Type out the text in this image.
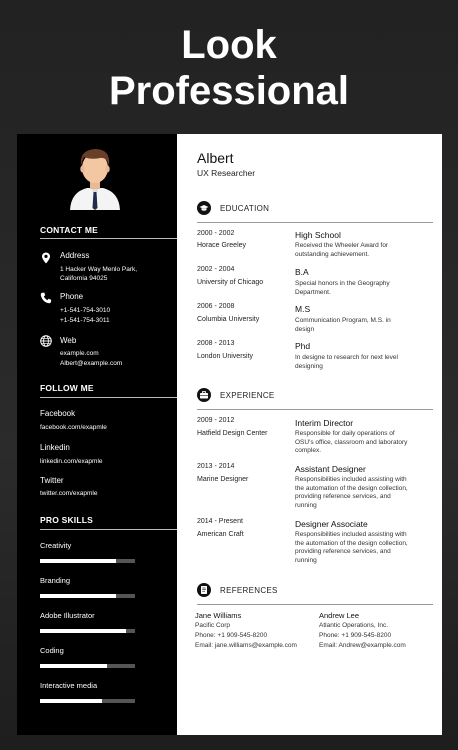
Look
Professional
CONTACT ME
Address
1 Hacker Way Menlo Park,
California 94025
Phone
+1-541-754-3010
+1-541-754-3011
Web
example.com
Albert@example.com
FOLLOW ME
Facebook
facebook.com/exapmle
Linkedin
linkedin.com/exapmle
Twitter
twitter.com/exapmle
PRO SKILLS
Creativity
Branding
Adobe Illustrator
Coding
Interactive media
Albert
UX Researcher
EDUCATION
2000 - 2002
Horace Greeley
High School
Received the Wheeler Award for
outstanding achievement.
2002 - 2004
University of Chicago
B.A
Special honors in the Geography
Department.
2006 - 2008
Columbia University
M.S
Communication Program, M.S. in
design
2008 - 2013
London University
Phd
In designe to research for next level
designing
EXPERIENCE
2009 - 2012
Hatfield Design Center
Interim Director
Responsible for daily operations of
OSU's office, classroom and laboratory
complex.
2013 - 2014
Marine Designer
Assistant Designer
Responsibilities included assisting with
the automation of the design collection,
providing reference services, and
running
2014 - Present
American Craft
Designer Associate
Responsibilities included assisting with
the automation of the design collection,
providing reference services, and
running
REFERENCES
Jane Williams
Pacific Corp
Phone: +1 909-545-8200
Email: jane.williams@example.com
Andrew Lee
Atlantic Operations, Inc.
Phone: +1 909-545-8200
Email: Andrew@example.com
